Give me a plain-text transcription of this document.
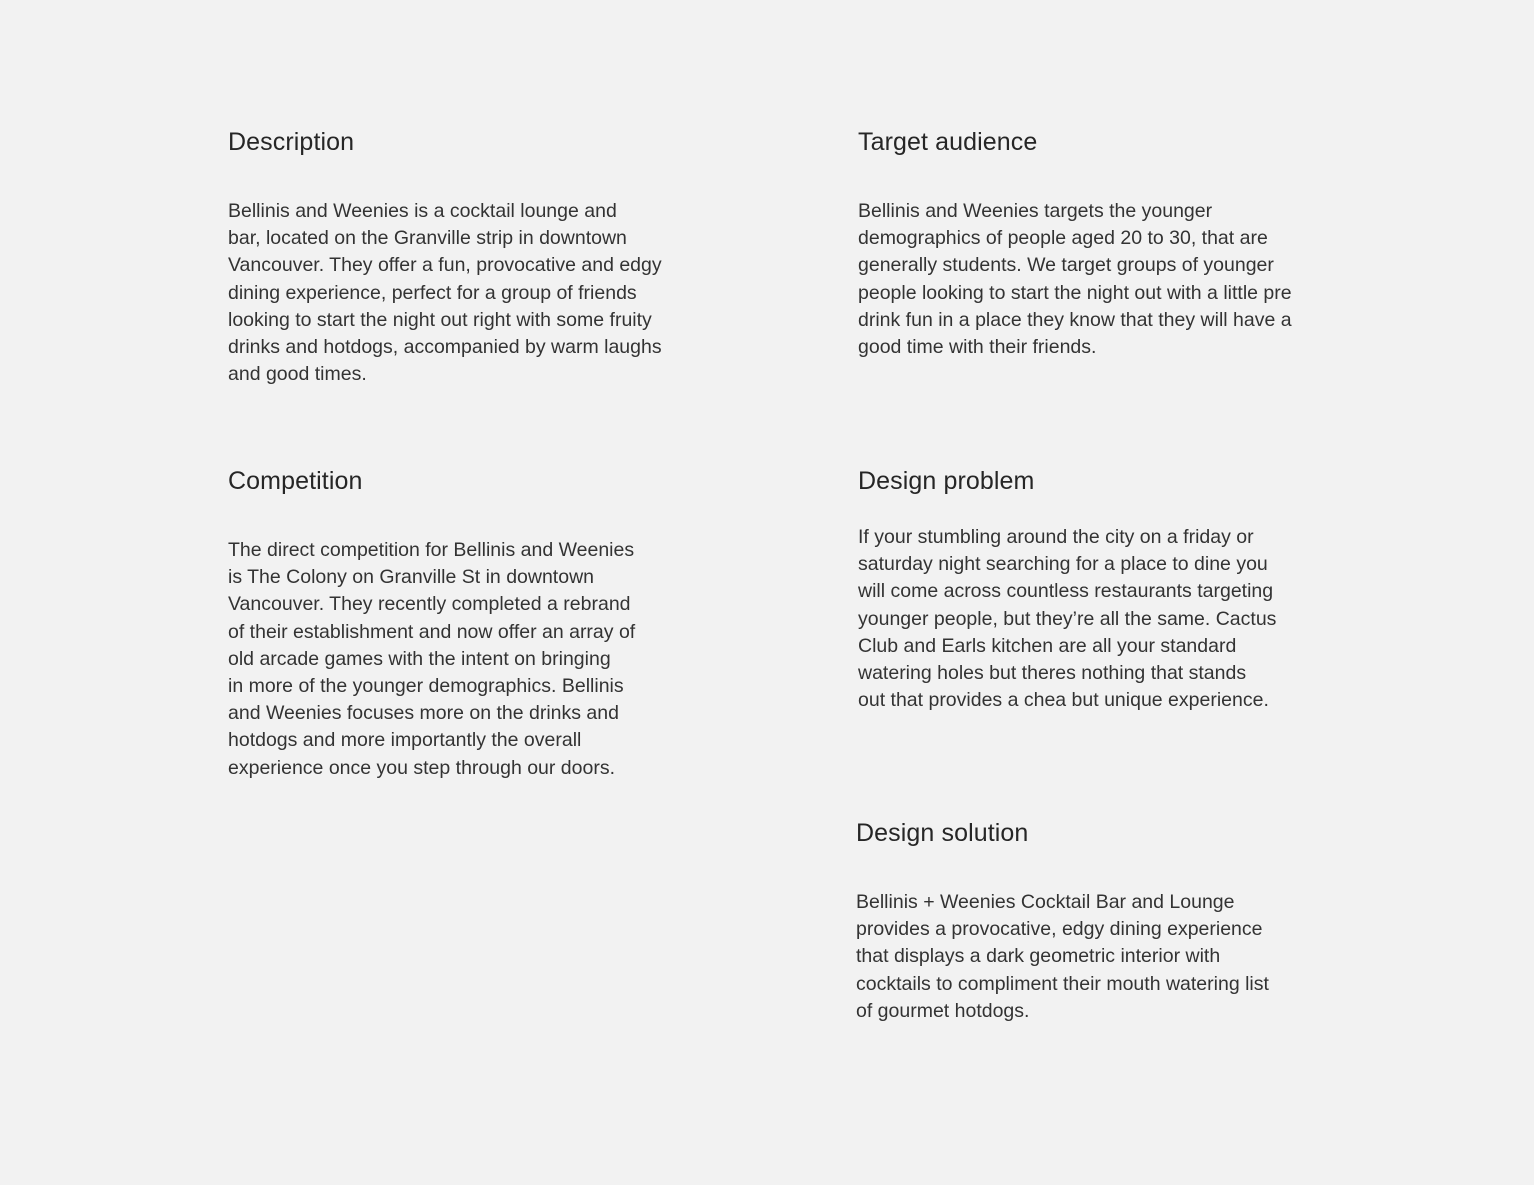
Description
Bellinis and Weenies is a cocktail lounge and
bar, located on the Granville strip in downtown
Vancouver. They offer a fun, provocative and edgy
dining experience, perfect for a group of friends
looking to start the night out right with some fruity
drinks and hotdogs, accompanied by warm laughs
and good times.
Target audience
Bellinis and Weenies targets the younger
demographics of people aged 20 to 30, that are
generally students. We target groups of younger
people looking to start the night out with a little pre
drink fun in a place they know that they will have a
good time with their friends.
Competition
The direct competition for Bellinis and Weenies
is The Colony on Granville St in downtown
Vancouver. They recently completed a rebrand
of their establishment and now offer an array of
old arcade games with the intent on bringing
in more of the younger demographics. Bellinis
and Weenies focuses more on the drinks and
hotdogs and more importantly the overall
experience once you step through our doors.
Design problem
If your stumbling around the city on a friday or
saturday night searching for a place to dine you
will come across countless restaurants targeting
younger people, but they’re all the same. Cactus
Club and Earls kitchen are all your standard
watering holes but theres nothing that stands
out that provides a chea but unique experience.
Design solution
Bellinis + Weenies Cocktail Bar and Lounge
provides a provocative, edgy dining experience
that displays a dark geometric interior with
cocktails to compliment their mouth watering list
of gourmet hotdogs.
